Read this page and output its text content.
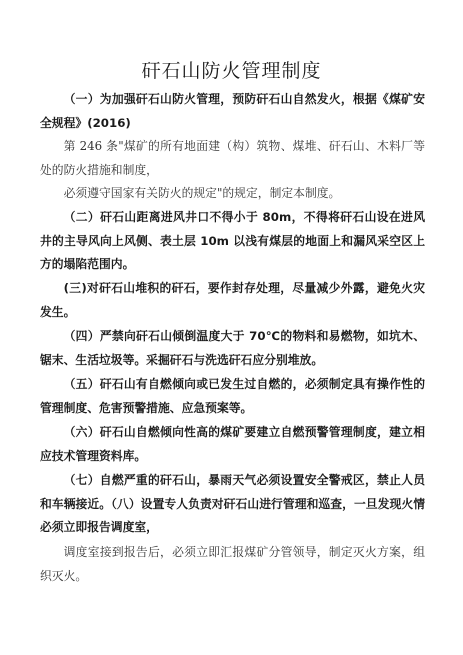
矸石山防火管理制度
（一）为加强矸石山防火管理，预防矸石山自然发火，根据《煤矿安全规程》(2016)
第 246 条"煤矿的所有地面建（构）筑物、煤堆、矸石山、木料厂等处的防火措施和制度，
必须遵守国家有关防火的规定"的规定，制定本制度。
（二）矸石山距离进风井口不得小于 80m，不得将矸石山设在进风井的主导风向上风侧、表土层 10m 以浅有煤层的地面上和漏风采空区上方的塌陷范围内。
(三)对矸石山堆积的矸石，要作封存处理，尽量减少外露，避免火灾发生。
（四）严禁向矸石山倾倒温度大于 70℃的物料和易燃物，如坑木、锯末、生活垃圾等。采掘矸石与洗选矸石应分别堆放。
（五）矸石山有自燃倾向或已发生过自燃的，必须制定具有操作性的管理制度、危害预警措施、应急预案等。
（六）矸石山自燃倾向性高的煤矿要建立自燃预警管理制度，建立相应技术管理资料库。
（七）自燃严重的矸石山，暴雨天气必须设置安全警戒区，禁止人员和车辆接近。（八）设置专人负责对矸石山进行管理和巡查，一旦发现火情必须立即报告调度室，
调度室接到报告后，必须立即汇报煤矿分管领导，制定灭火方案，组织灭火。
